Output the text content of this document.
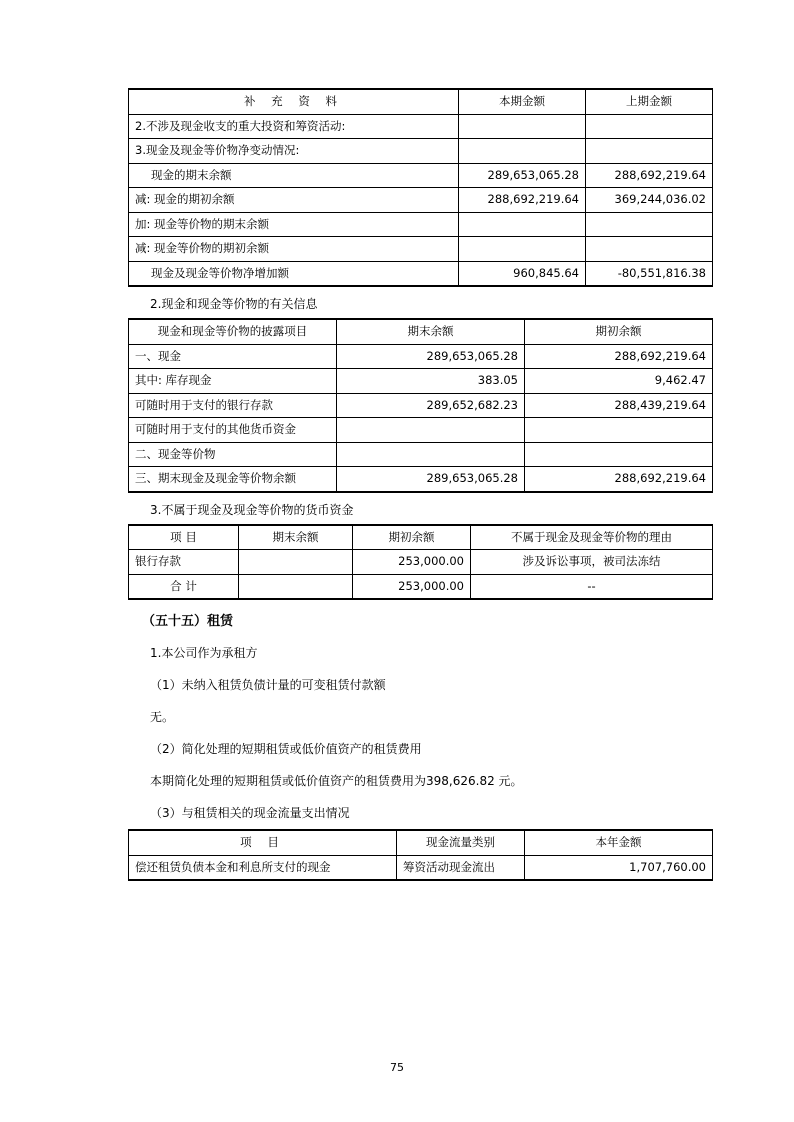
补 充 资 料	本期金额	上期金额
2.不涉及现金收支的重大投资和筹资活动:		
3.现金及现金等价物净变动情况:		
现金的期末余额	289,653,065.28	288,692,219.64
减: 现金的期初余额	288,692,219.64	369,244,036.02
加: 现金等价物的期末余额		
减: 现金等价物的期初余额		
现金及现金等价物净增加额	960,845.64	-80,551,816.38

2.现金和现金等价物的有关信息

现金和现金等价物的披露项目	期末余额	期初余额
一、现金	289,653,065.28	288,692,219.64
其中: 库存现金	383.05	9,462.47
可随时用于支付的银行存款	289,652,682.23	288,439,219.64
可随时用于支付的其他货币资金		
二、现金等价物		
三、期末现金及现金等价物余额	289,653,065.28	288,692,219.64

3.不属于现金及现金等价物的货币资金

项 目	期末余额	期初余额	不属于现金及现金等价物的理由
银行存款		253,000.00	涉及诉讼事项，被司法冻结
合 计		253,000.00	--
（五十五）租赁

1.本公司作为承租方

（1）未纳入租赁负债计量的可变租赁付款额

无。

（2）简化处理的短期租赁或低价值资产的租赁费用

本期简化处理的短期租赁或低价值资产的租赁费用为398,626.82 元。

（3）与租赁相关的现金流量支出情况

项 目	现金流量类别	本年金额
偿还租赁负债本金和利息所支付的现金	筹资活动现金流出	1,707,760.00
75
